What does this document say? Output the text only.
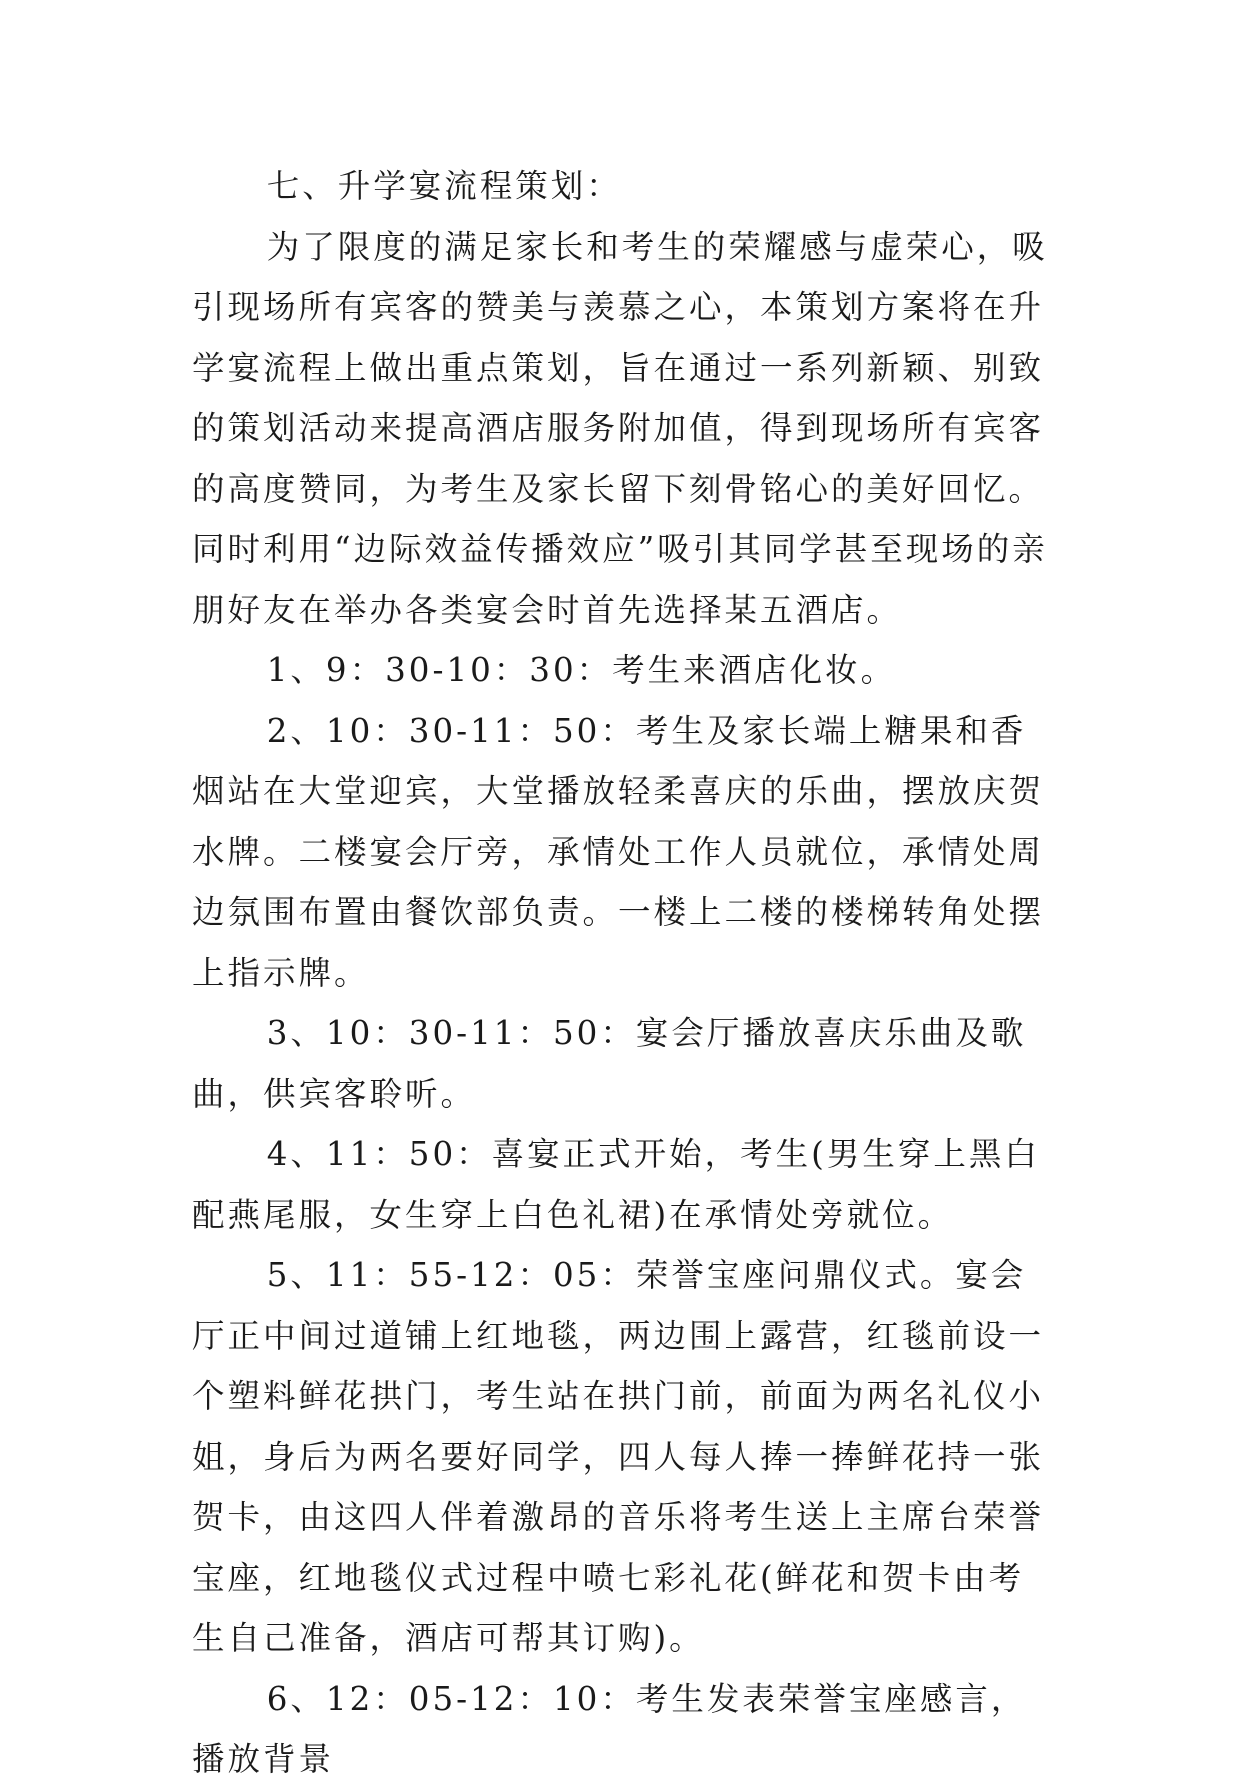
七、升学宴流程策划：

为了限度的满足家长和考生的荣耀感与虚荣心，吸引现场所有宾客的赞美与羡慕之心，本策划方案将在升学宴流程上做出重点策划，旨在通过一系列新颖、别致的策划活动来提高酒店服务附加值，得到现场所有宾客的高度赞同，为考生及家长留下刻骨铭心的美好回忆。同时利用“边际效益传播效应”吸引其同学甚至现场的亲朋好友在举办各类宴会时首先选择某五酒店。

1、9：30-10：30：考生来酒店化妆。

2、10：30-11：50：考生及家长端上糖果和香烟站在大堂迎宾，大堂播放轻柔喜庆的乐曲，摆放庆贺水牌。二楼宴会厅旁，承情处工作人员就位，承情处周边氛围布置由餐饮部负责。一楼上二楼的楼梯转角处摆上指示牌。

3、10：30-11：50：宴会厅播放喜庆乐曲及歌曲，供宾客聆听。

4、11：50：喜宴正式开始，考生(男生穿上黑白配燕尾服，女生穿上白色礼裙)在承情处旁就位。

5、11：55-12：05：荣誉宝座问鼎仪式。宴会厅正中间过道铺上红地毯，两边围上露营，红毯前设一个塑料鲜花拱门，考生站在拱门前，前面为两名礼仪小姐，身后为两名要好同学，四人每人捧一捧鲜花持一张贺卡，由这四人伴着激昂的音乐将考生送上主席台荣誉宝座，红地毯仪式过程中喷七彩礼花(鲜花和贺卡由考生自己准备，酒店可帮其订购)。

6、12：05-12：10：考生发表荣誉宝座感言，播放背景
